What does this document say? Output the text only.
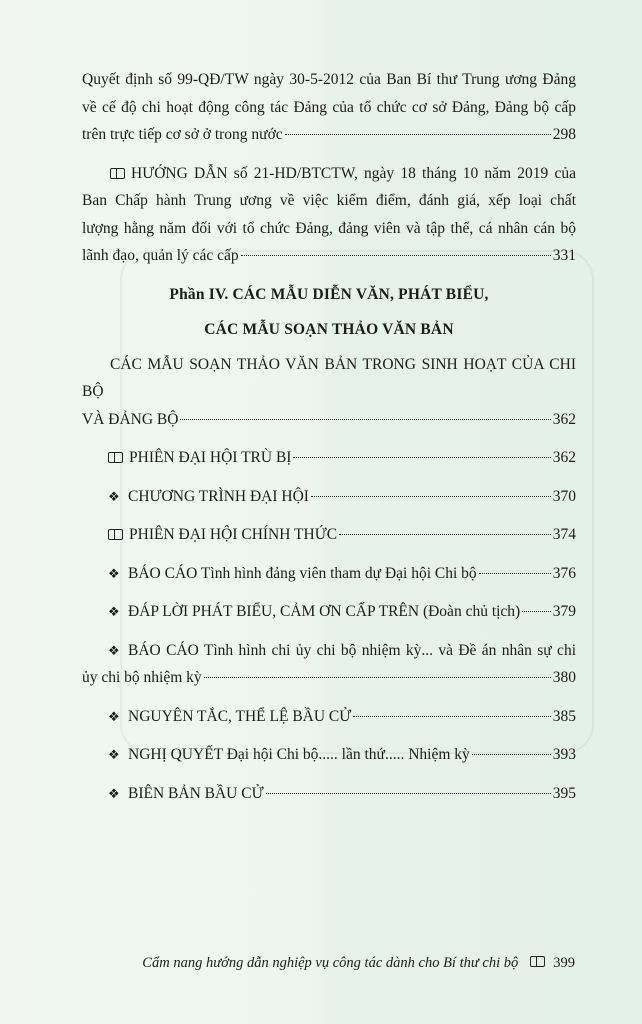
Quyết định số 99-QĐ/TW ngày 30-5-2012 của Ban Bí thư Trung ương Đảng
về cế độ chi hoạt động công tác Đảng của tổ chức cơ sở Đảng, Đảng bộ cấp
trên trực tiếp cơ sở ở trong nước	298
HƯỚNG DẪN số 21-HD/BTCTW, ngày 18 tháng 10 năm 2019 của
Ban Chấp hành Trung ương về việc kiểm điểm, đánh giá, xếp loại chất
lượng hằng năm đối với tổ chức Đảng, đảng viên và tập thể, cá nhân cán bộ
lãnh đạo, quản lý các cấp	331
Phần IV. CÁC MẪU DIỄN VĂN, PHÁT BIỂU,
CÁC MẪU SOẠN THẢO VĂN BẢN
CÁC MẪU SOẠN THẢO VĂN BẢN TRONG SINH HOẠT CỦA CHI BỘ
VÀ ĐẢNG BỘ	362
PHIÊN ĐẠI HỘI TRÙ BỊ	362
❖ CHƯƠNG TRÌNH ĐẠI HỘI	370
PHIÊN ĐẠI HỘI CHÍNH THỨC	374
❖ BÁO CÁO Tình hình đảng viên tham dự Đại hội Chi bộ	376
❖ ĐÁP LỜI PHÁT BIỂU, CẢM ƠN CẤP TRÊN (Đoàn chủ tịch) 379
❖ BÁO CÁO Tình hình chi ủy chi bộ nhiệm kỳ... và Đề án nhân sự chi
ủy chi bộ nhiệm kỳ	380
❖ NGUYÊN TẮC, THỂ LỆ BẦU CỬ	385
❖ NGHỊ QUYẾT Đại hội Chi bộ..... lần thứ..... Nhiệm kỳ	393
❖ BIÊN BẢN BẦU CỬ	395
Cẩm nang hướng dẫn nghiệp vụ công tác dành cho Bí thư chi bộ 399
